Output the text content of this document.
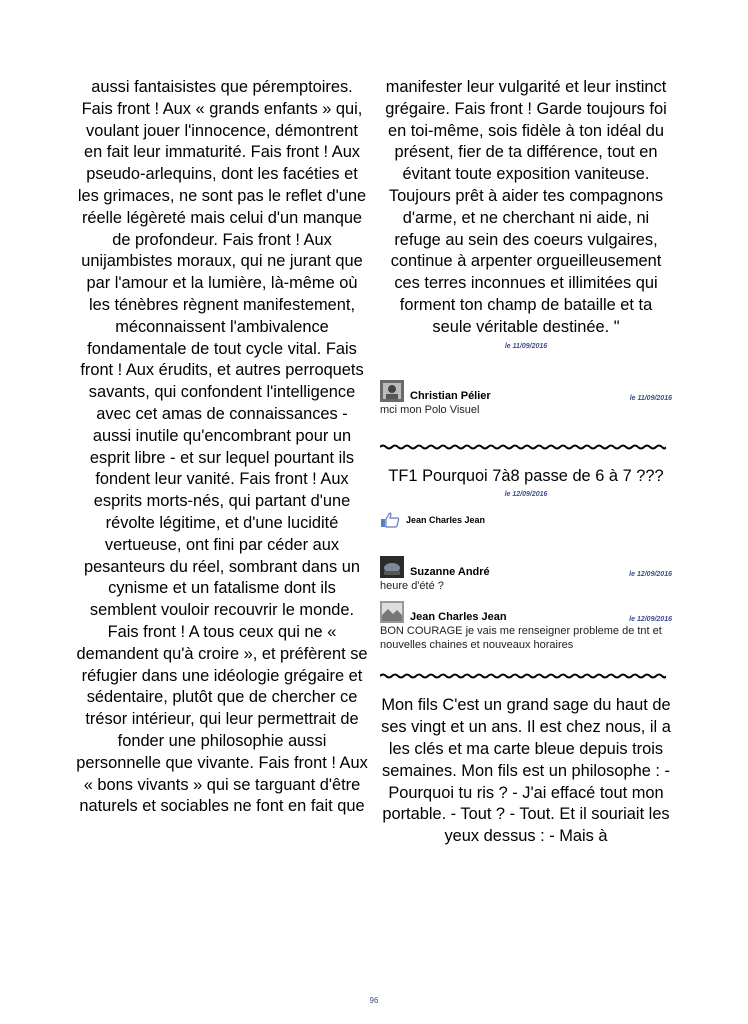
aussi fantaisistes que péremptoires. Fais front ! Aux « grands enfants » qui, voulant jouer l'innocence, démontrent en fait leur immaturité. Fais front ! Aux pseudo-arlequins, dont les facéties et les grimaces, ne sont pas le reflet d'une réelle légèreté mais celui d'un manque de profondeur. Fais front ! Aux unijambistes moraux, qui ne jurant que par l'amour et la lumière, là-même où les ténèbres règnent manifestement, méconnaissent l'ambivalence fondamentale de tout cycle vital. Fais front ! Aux érudits, et autres perroquets savants, qui confondent l'intelligence avec cet amas de connaissances - aussi inutile qu'encombrant pour un esprit libre - et sur lequel pourtant ils fondent leur vanité. Fais front ! Aux esprits morts-nés, qui partant d'une révolte légitime, et d'une lucidité vertueuse, ont fini par céder aux pesanteurs du réel, sombrant dans un cynisme et un fatalisme dont ils semblent vouloir recouvrir le monde. Fais front ! A tous ceux qui ne « demandent qu'à croire », et préfèrent se réfugier dans une idéologie grégaire et sédentaire, plutôt que de chercher ce trésor intérieur, qui leur permettrait de fonder une philosophie aussi personnelle que vivante. Fais front ! Aux « bons vivants » qui se targuant d'être naturels et sociables ne font en fait que

manifester leur vulgarité et leur instinct grégaire. Fais front ! Garde toujours foi en toi-même, sois fidèle à ton idéal du présent, fier de ta différence, tout en évitant toute exposition vaniteuse. Toujours prêt à aider tes compagnons d'arme, et ne cherchant ni aide, ni refuge au sein des coeurs vulgaires, continue à arpenter orgueilleusement ces terres inconnues et illimitées qui forment ton champ de bataille et ta seule véritable destinée. "

le 11/09/2016
Christian Pélier	le 11/09/2016
mci mon Polo Visuel

TF1 Pourquoi 7à8 passe de 6 à 7 ???

le 12/09/2016
Jean Charles Jean
Suzanne André	le 12/09/2016
heure d'été ?
Jean Charles Jean	le 12/09/2016
BON COURAGE je vais me renseigner probleme de tnt et nouvelles chaines et nouveaux horaires

Mon fils C'est un grand sage du haut de ses vingt et un ans. Il est chez nous, il a les clés et ma carte bleue depuis trois semaines. Mon fils est un philosophe : - Pourquoi tu ris ? - J'ai effacé tout mon portable. - Tout ? - Tout. Et il souriait les yeux dessus : - Mais à

96
